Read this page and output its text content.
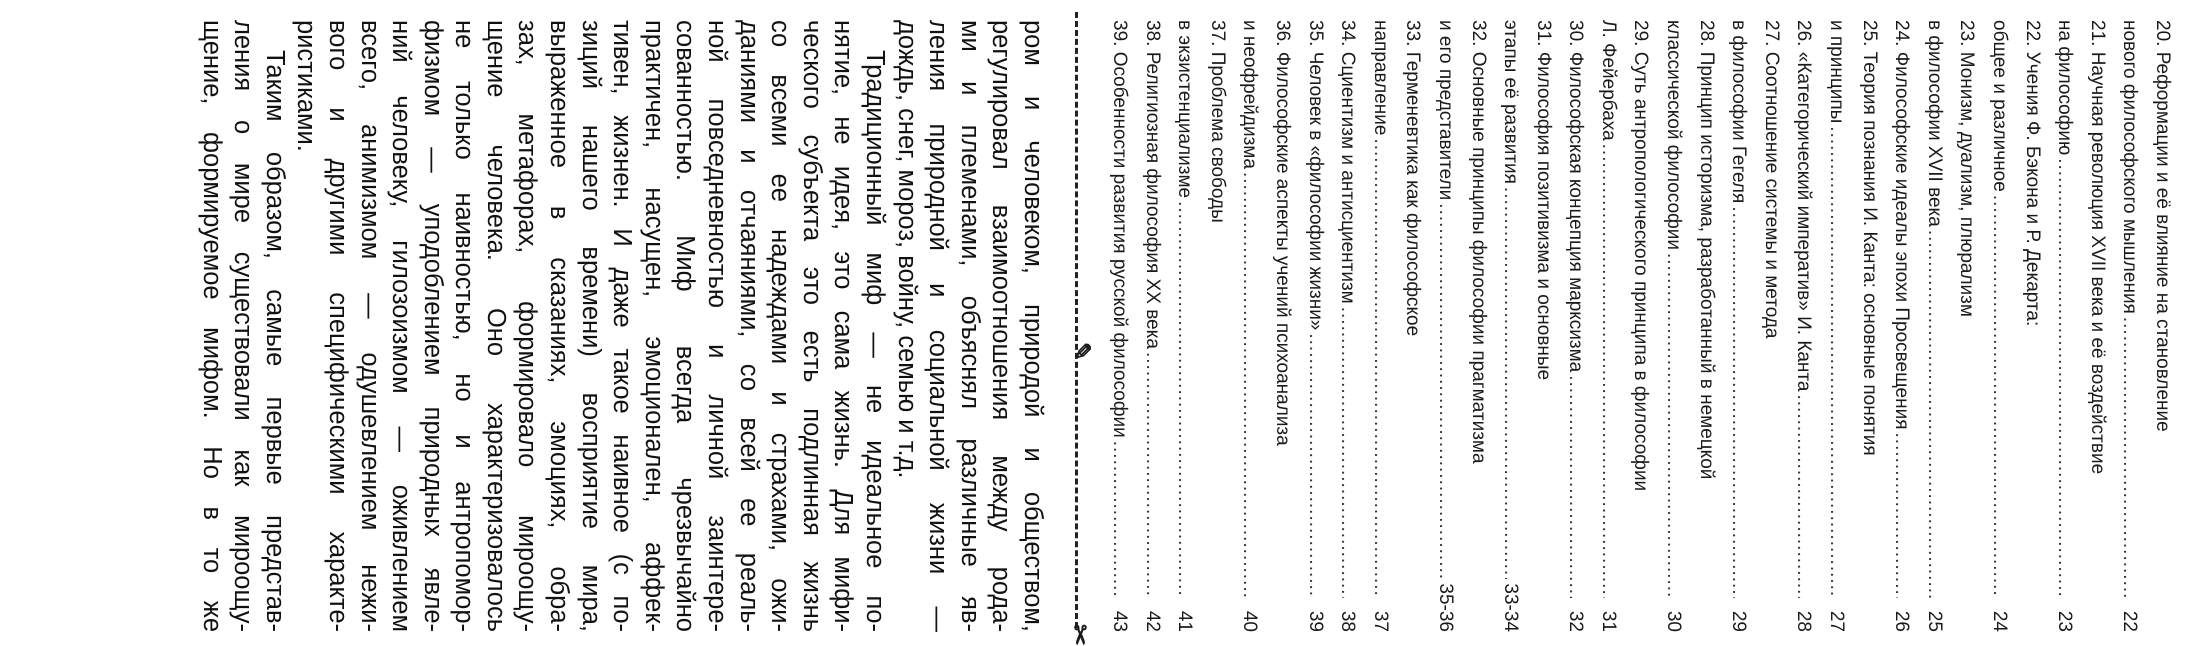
20. Реформации и её влияние на становление
нового философского мышления
.....
22
21. Научная революция XVII века и её воздействие
на философию
.....
23
22. Учения Ф. Бэкона и Р. Декарта:
общее и различное
.....
24
23. Монизм, дуализм, плюрализм
в философии XVII века
.....
25
24. Философские идеалы эпохи Просвещения
.....
26
25. Теория познания И. Канта: основные понятия
и принципы
.....
27
26. «Категорический императив» И. Канта
.....
28
27. Соотношение системы и метода
в философии Гегеля
.....
29
28. Принцип историзма, разработанный в немецкой
классической философии
.....
30
29. Суть антропологического принципа в философии
Л. Фейербаха
.....
31
30. Философская концепция марксизма
.....
32
31. Философия позитивизма и основные
этапы её развития
.....
33-34
32. Основные принципы философии прагматизма
и его представители
.....
35-36
33. Герменевтика как философское
направление
.....
37
34. Сциентизм и антисциентизм
.....
38
35. Человек в «философии жизни»
.....
39
36. Философские аспекты учений психоанализа
и неофрейдизма
.....
40
37. Проблема свободы
в экзистенциализме
.....
41
38. Религиозная философия XX века
.....
42
39. Особенности развития русской философии
.....
43
✎
✂
ром и человеком, природой и обществом,
регулировал взаимоотношения между рода-
ми и племенами, объяснял различные яв-
ления природной и социальной жизни —
дождь, снег, мороз, войну, семью и т.д.
Традиционный миф — не идеальное по-
нятие, не идея, это сама жизнь. Для мифи-
ческого субъекта это есть подлинная жизнь
со всеми ее надеждами и страхами, ожи-
даниями и отчаяниями, со всей ее реаль-
ной повседневностью и личной заинтере-
сованностью. Миф всегда чрезвычайно
практичен, насущен, эмоционален, аффек-
тивен, жизнен. И даже такое наивное (с по-
зиций нашего времени) восприятие мира,
выраженное в сказаниях, эмоциях, обра-
зах, метафорах, формировало мироощу-
щение человека. Оно характеризовалось
не только наивностью, но и антропомор-
физмом — уподоблением природных явле-
ний человеку, гилозоизмом — оживлением
всего, анимизмом — одушевлением нежи-
вого и другими специфическими характе-
ристиками.
Таким образом, самые первые представ-
ления о мире существовали как мироощу-
щение, формируемое мифом. Но в то же
